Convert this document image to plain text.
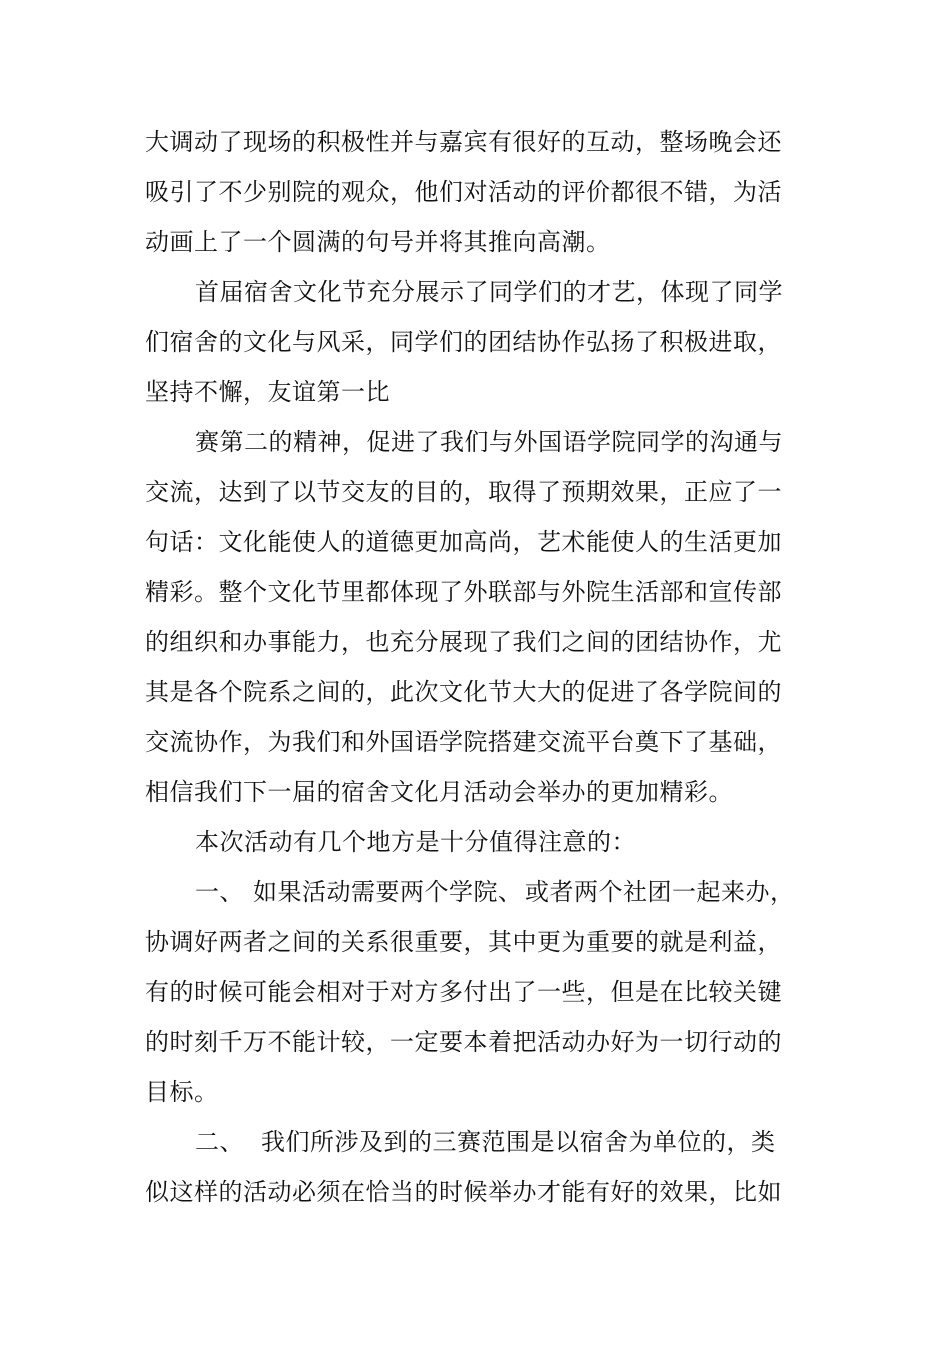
大调动了现场的积极性并与嘉宾有很好的互动，整场晚会还
吸引了不少别院的观众，他们对活动的评价都很不错，为活
动画上了一个圆满的句号并将其推向高潮。
首届宿舍文化节充分展示了同学们的才艺，体现了同学
们宿舍的文化与风采，同学们的团结协作弘扬了积极进取，
坚持不懈，友谊第一比
赛第二的精神，促进了我们与外国语学院同学的沟通与
交流，达到了以节交友的目的，取得了预期效果，正应了一
句话：文化能使人的道德更加高尚，艺术能使人的生活更加
精彩。整个文化节里都体现了外联部与外院生活部和宣传部
的组织和办事能力，也充分展现了我们之间的团结协作，尤
其是各个院系之间的，此次文化节大大的促进了各学院间的
交流协作，为我们和外国语学院搭建交流平台奠下了基础，
相信我们下一届的宿舍文化月活动会举办的更加精彩。
本次活动有几个地方是十分值得注意的：
一、 如果活动需要两个学院、 或者两个社团一起来办，
协调好两者之间的关系很重要，其中更为重要的就是利益，
有的时候可能会相对于对方多付出了一些，但是在比较关键
的时刻千万不能计较，一定要本着把活动办好为一切行动的
目标。
二、 我们所涉及到的三赛范围是以宿舍为单位的，类
似这样的活动必须在恰当的时候举办才能有好的效果，比如
